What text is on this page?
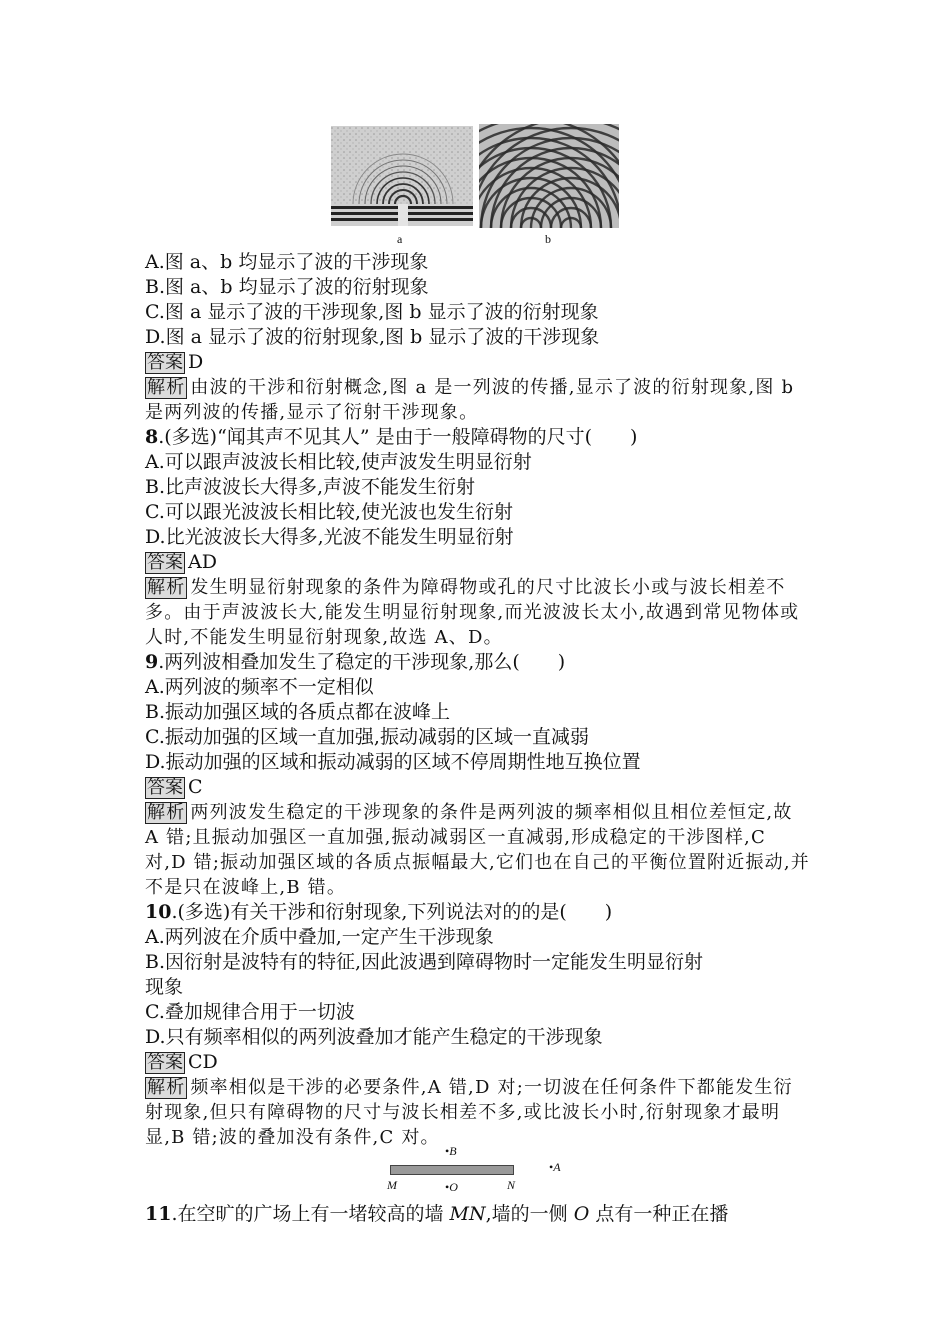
a	b
A.图 a、b 均显示了波的干涉现象
B.图 a、b 均显示了波的衍射现象
C.图 a 显示了波的干涉现象,图 b 显示了波的衍射现象
D.图 a 显示了波的衍射现象,图 b 显示了波的干涉现象
答案 D
解析 由波的干涉和衍射概念,图 a 是一列波的传播,显示了波的衍射现象,图 b 是两列波的传播,显示了衍射干涉现象。
8.(多选)“闻其声不见其人” 是由于一般障碍物的尺寸(　　)
A.可以跟声波波长相比较,使声波发生明显衍射
B.比声波波长大得多,声波不能发生衍射
C.可以跟光波波长相比较,使光波也发生衍射
D.比光波波长大得多,光波不能发生明显衍射
答案 AD
解析 发生明显衍射现象的条件为障碍物或孔的尺寸比波长小或与波长相差不多。由于声波波长大,能发生明显衍射现象,而光波波长太小,故遇到常见物体或人时,不能发生明显衍射现象,故选 A、D。
9.两列波相叠加发生了稳定的干涉现象,那么(　　)
A.两列波的频率不一定相似
B.振动加强区域的各质点都在波峰上
C.振动加强的区域一直加强,振动减弱的区域一直减弱
D.振动加强的区域和振动减弱的区域不停周期性地互换位置
答案 C
解析 两列波发生稳定的干涉现象的条件是两列波的频率相似且相位差恒定,故 A 错;且振动加强区一直加强,振动减弱区一直减弱,形成稳定的干涉图样,C 对,D 错;振动加强区域的各质点振幅最大,它们也在自己的平衡位置附近振动,并不是只在波峰上,B 错。
10.(多选)有关干涉和衍射现象,下列说法对的的是(　　)
A.两列波在介质中叠加,一定产生干涉现象
B.因衍射是波特有的特征,因此波遇到障碍物时一定能发生明显衍射
现象
C.叠加规律合用于一切波
D.只有频率相似的两列波叠加才能产生稳定的干涉现象
答案 CD
解析 频率相似是干涉的必要条件,A 错,D 对;一切波在任何条件下都能发生衍射现象,但只有障碍物的尺寸与波长相差不多,或比波长小时,衍射现象才最明显,B 错;波的叠加没有条件,C 对。
•B
•A
M	•O	N
11.在空旷的广场上有一堵较高的墙 MN,墙的一侧 O 点有一种正在播
